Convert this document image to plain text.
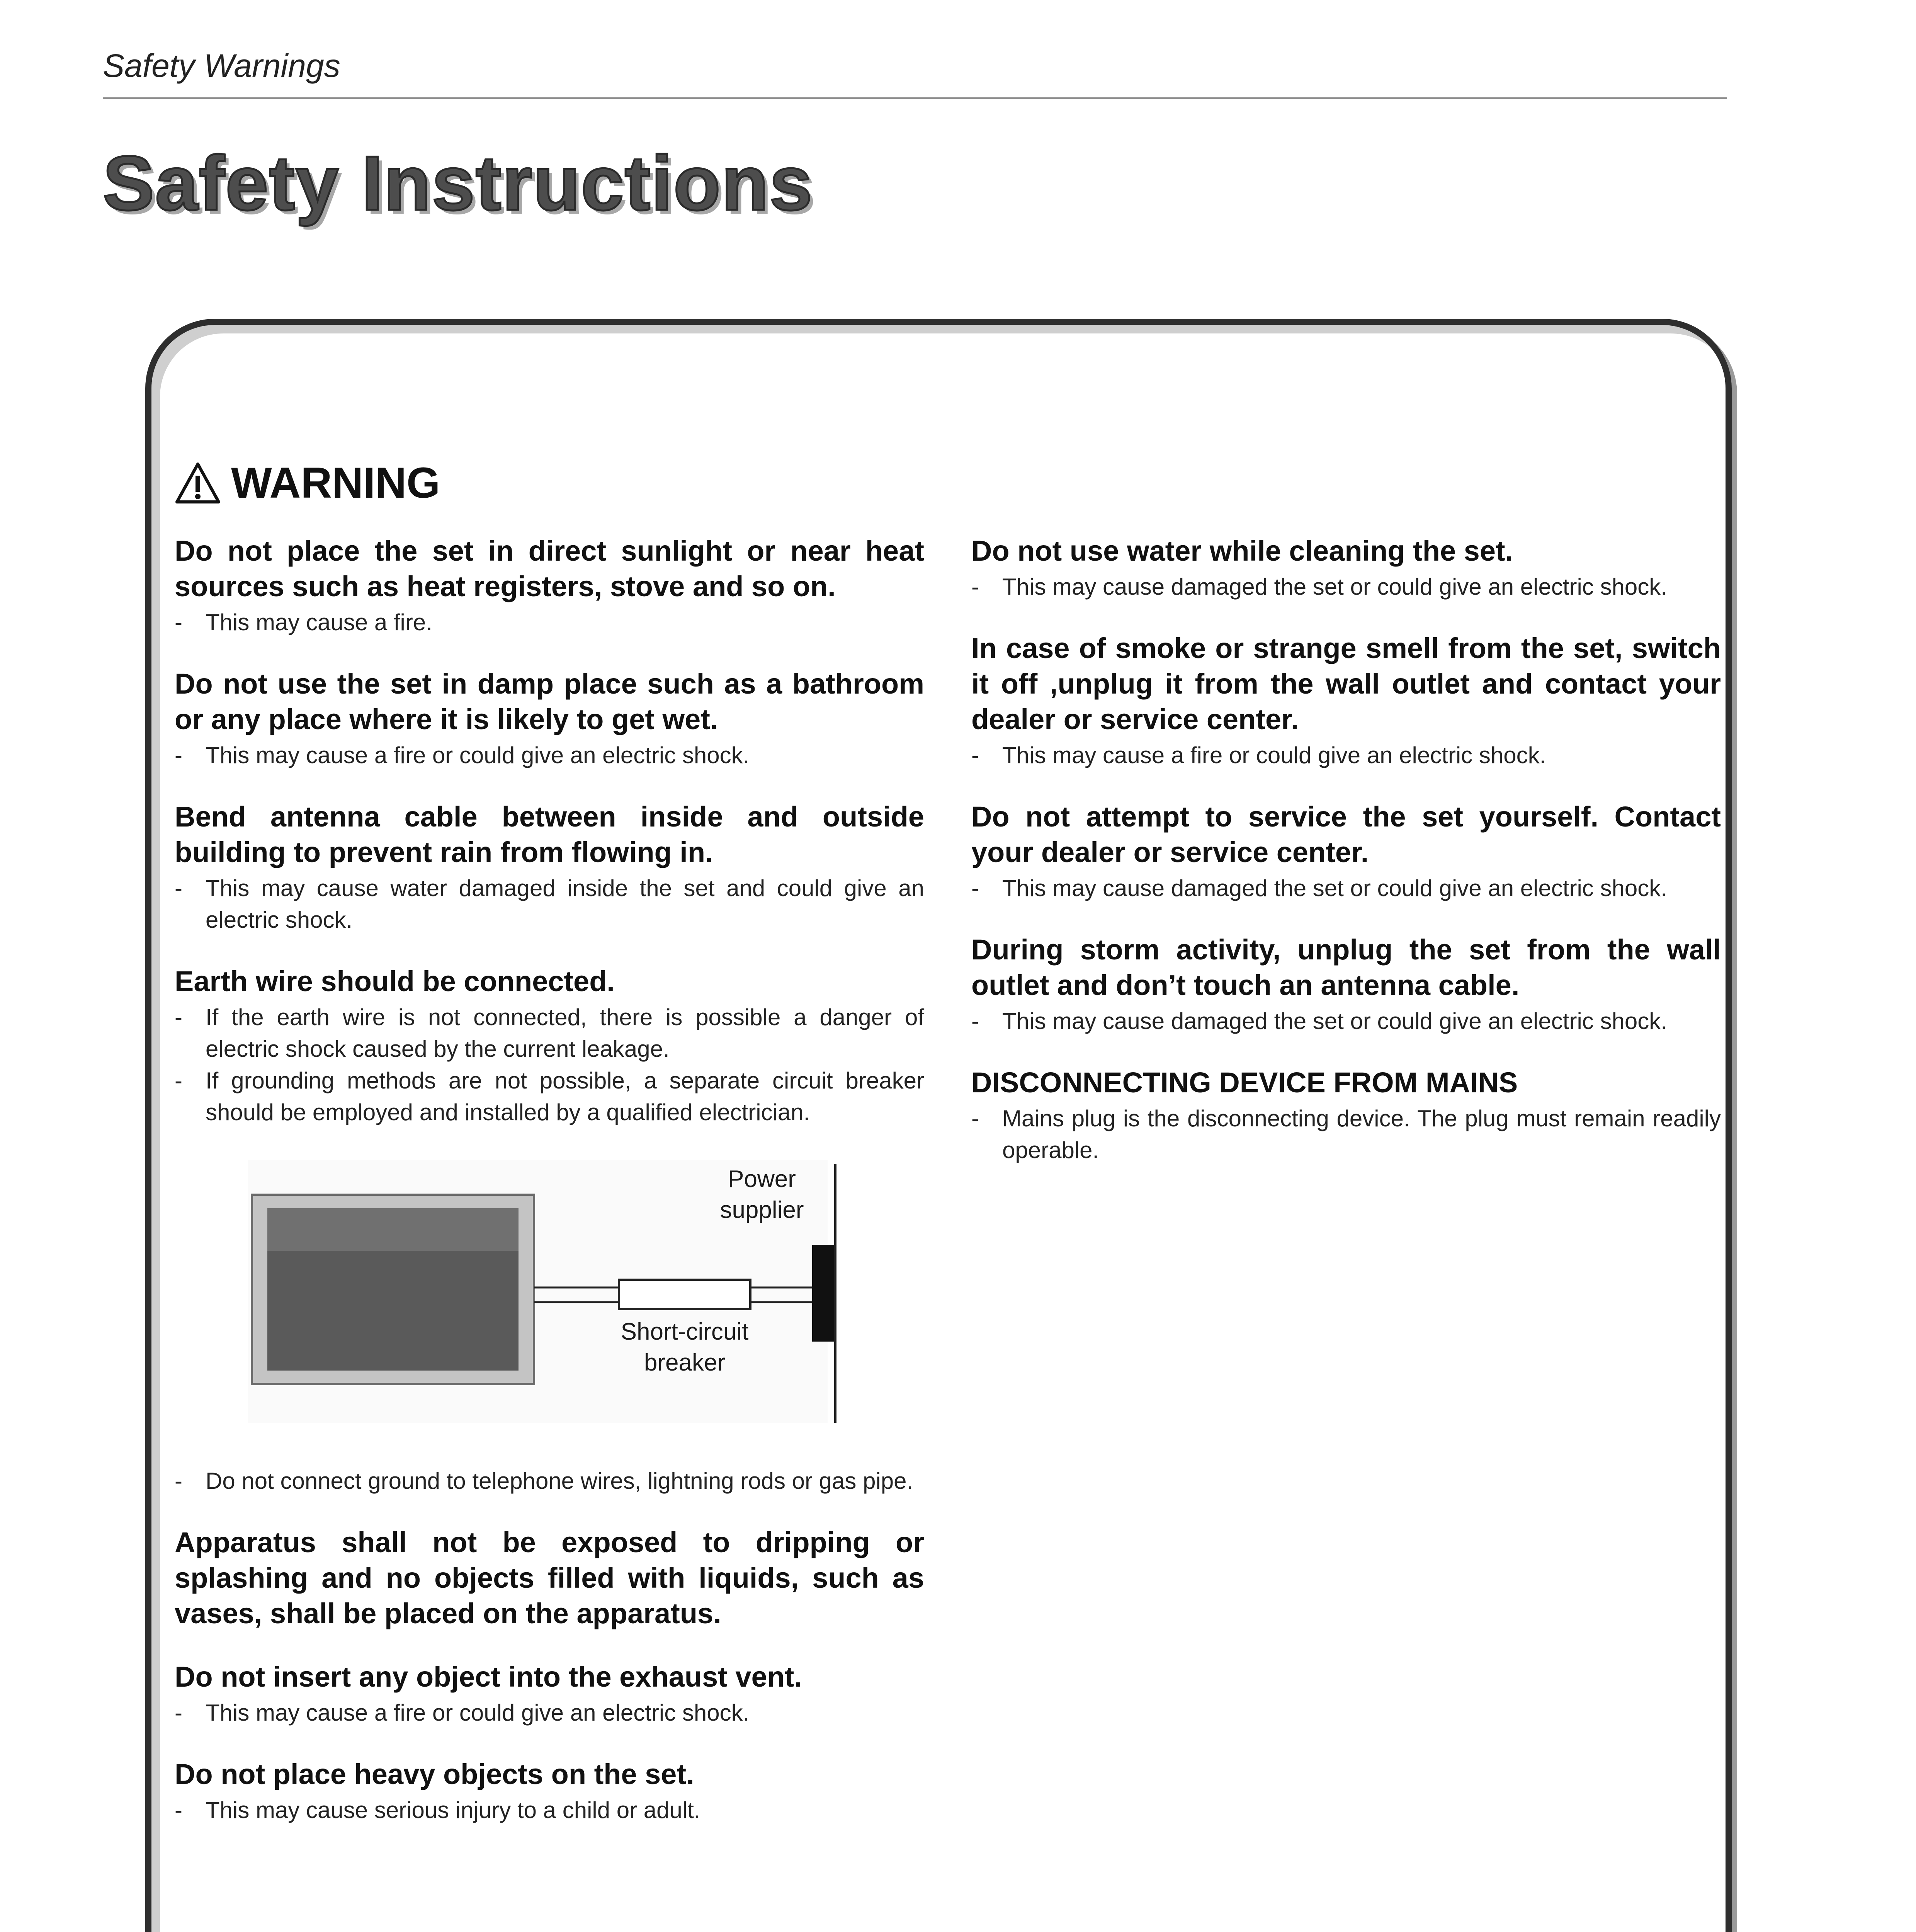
Safety Warnings
Safety Instructions
WARNING
Do not place the set in direct sunlight or near heat sources such as heat registers, stove and so on.
- This may cause a fire.
Do not use the set in damp place such as a bathroom or any place where it is likely to get wet.
- This may cause a fire or could give an electric shock.
Bend antenna cable between inside and outside building to prevent rain from flowing in.
- This may cause water damaged inside the set and could give an electric shock.
Earth wire should be connected.
- If the earth wire is not connected, there is possible a danger of electric shock caused by the current leakage.
- If grounding methods are not possible, a separate circuit breaker should be employed and installed by a qualified electrician.
Power
supplier
Short-circuit
breaker
- Do not connect ground to telephone wires, lightning rods or gas pipe.
Apparatus shall not be exposed to dripping or splashing and no objects filled with liquids, such as vases, shall be placed on the apparatus.
Do not insert any object into the exhaust vent.
- This may cause a fire or could give an electric shock.
Do not place heavy objects on the set.
- This may cause serious injury to a child or adult.
Do not use water while cleaning the set.
- This may cause damaged the set or could give an electric shock.
In case of smoke or strange smell from the set, switch it off ,unplug it from the wall outlet and contact your dealer or service center.
- This may cause a fire or could give an electric shock.
Do not attempt to service the set yourself. Contact your dealer or service center.
- This may cause damaged the set or could give an electric shock.
During storm activity, unplug the set from the wall outlet and don’t touch an antenna cable.
- This may cause damaged the set or could give an electric shock.
DISCONNECTING DEVICE FROM MAINS
- Mains plug is the disconnecting device. The plug must remain readily operable.
